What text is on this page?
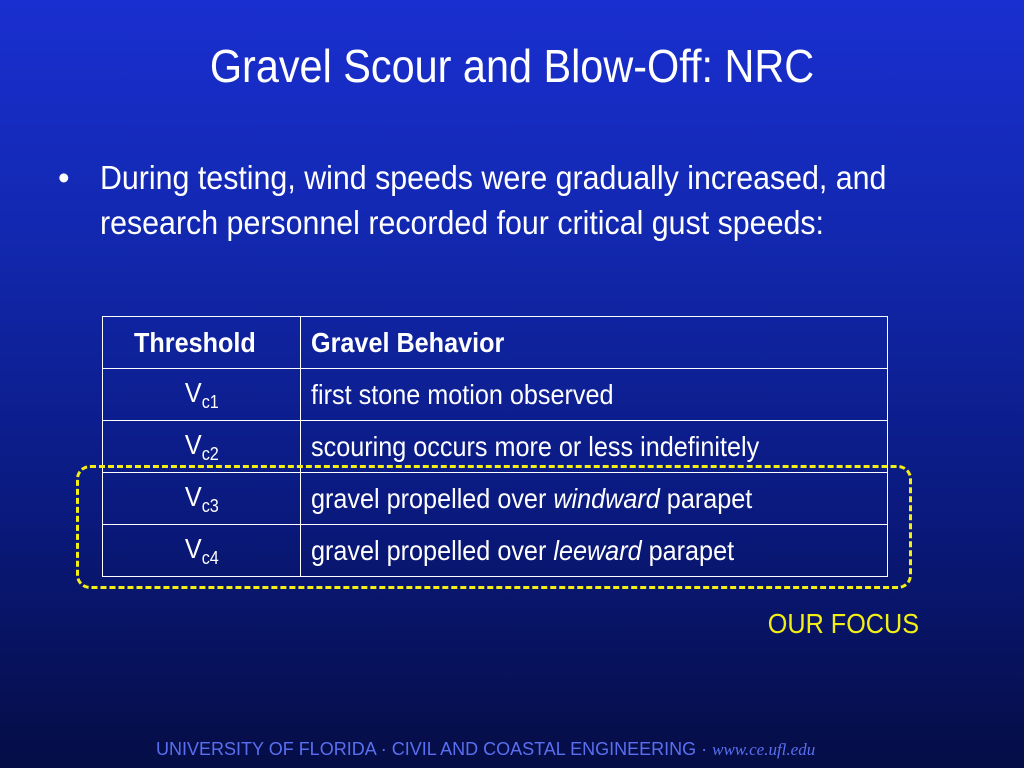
Gravel Scour and Blow-Off: NRC
• During testing, wind speeds were gradually increased, and
research personnel recorded four critical gust speeds:
Threshold	Gravel Behavior
$V_{c1}$	first stone motion observed
$V_{c2}$	scouring occurs more or less indefinitely
$V_{c3}$	gravel propelled over windward parapet
$V_{c4}$	gravel propelled over leeward parapet
OUR FOCUS
UNIVERSITY OF FLORIDA · CIVIL AND COASTAL ENGINEERING · www.ce.ufl.edu
